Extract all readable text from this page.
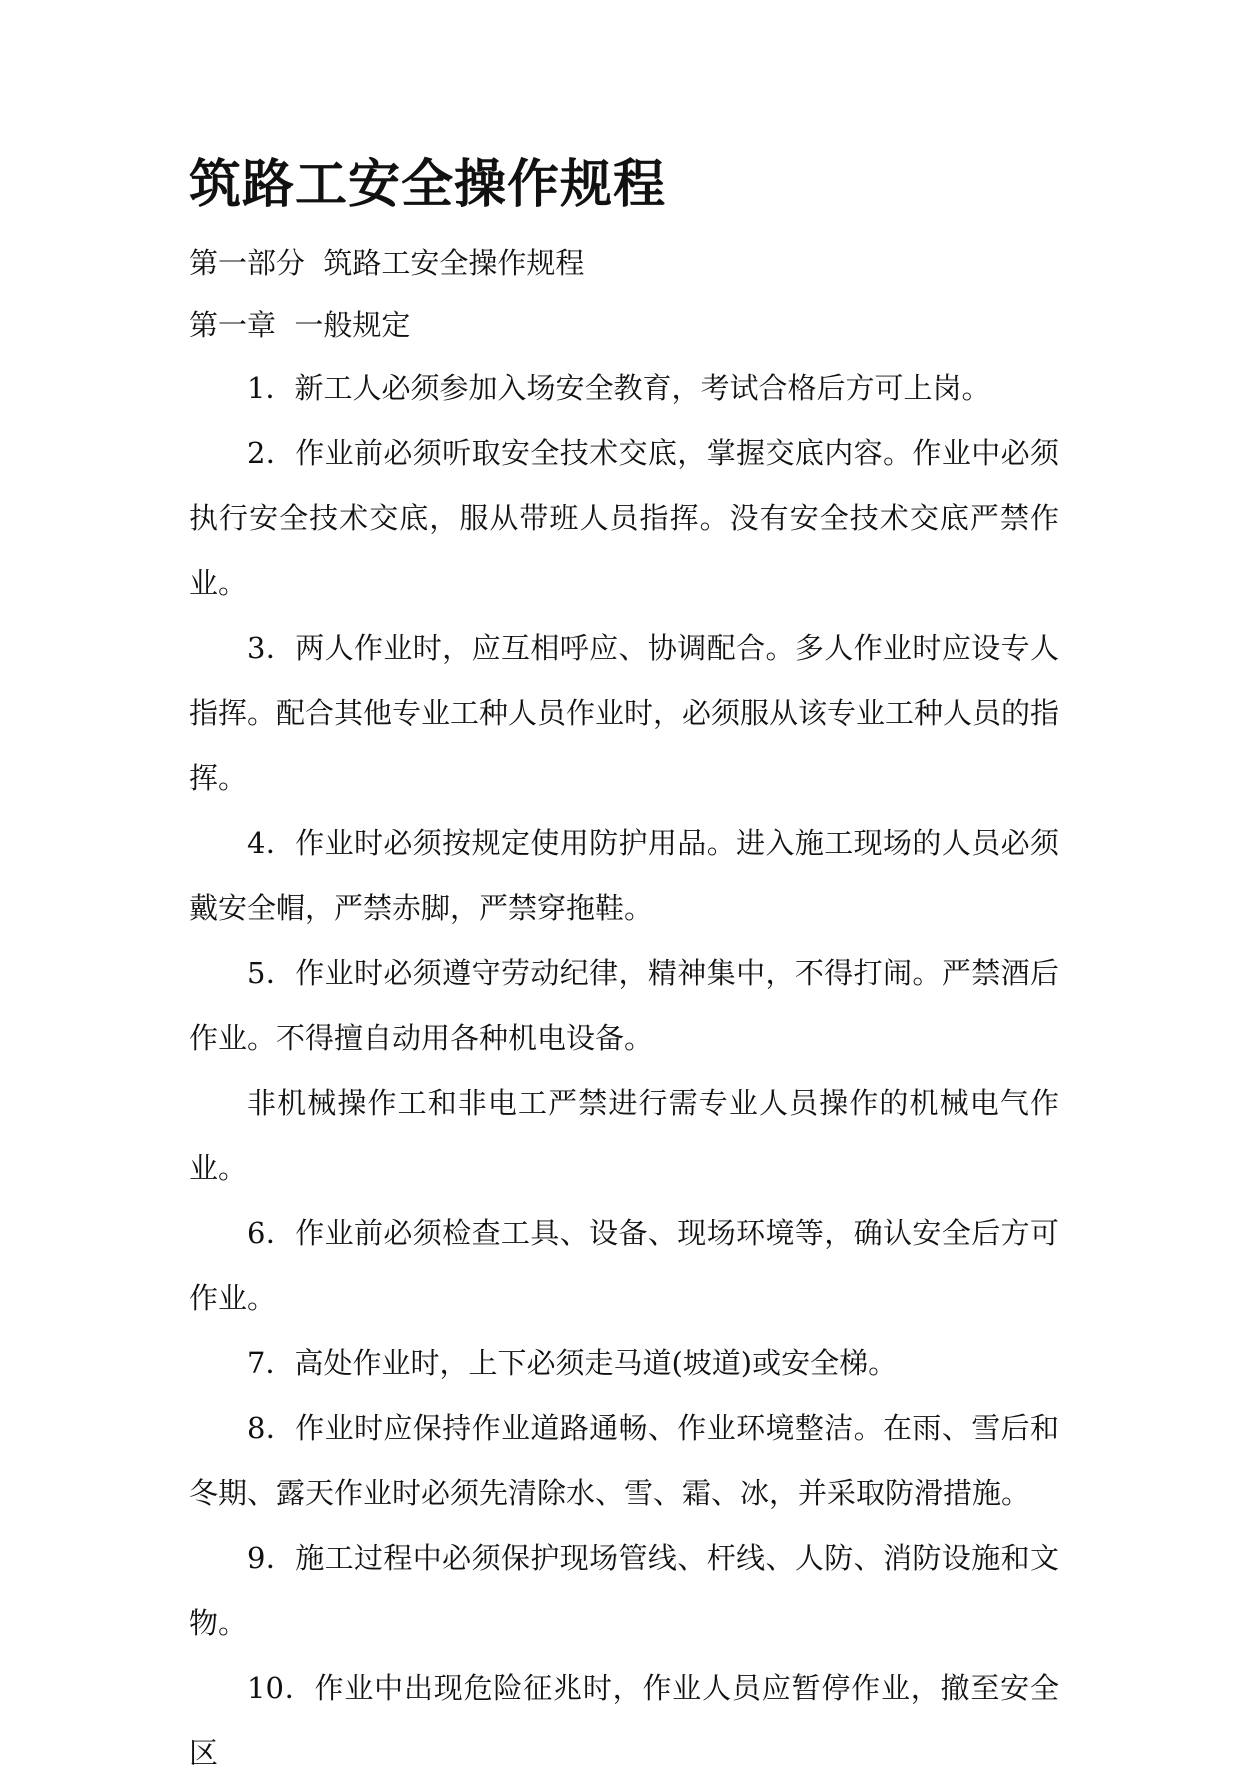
筑路工安全操作规程

第一部分  筑路工安全操作规程

第一章  一般规定

1．新工人必须参加入场安全教育，考试合格后方可上岗。

2．作业前必须听取安全技术交底，掌握交底内容。作业中必须执行安全技术交底，服从带班人员指挥。没有安全技术交底严禁作业。

3．两人作业时，应互相呼应、协调配合。多人作业时应设专人指挥。配合其他专业工种人员作业时，必须服从该专业工种人员的指挥。

4．作业时必须按规定使用防护用品。进入施工现场的人员必须戴安全帽，严禁赤脚，严禁穿拖鞋。

5．作业时必须遵守劳动纪律，精神集中，不得打闹。严禁酒后作业。不得擅自动用各种机电设备。

非机械操作工和非电工严禁进行需专业人员操作的机械电气作业。

6．作业前必须检查工具、设备、现场环境等，确认安全后方可作业。

7．高处作业时，上下必须走马道(坡道)或安全梯。

8．作业时应保持作业道路通畅、作业环境整洁。在雨、雪后和冬期、露天作业时必须先清除水、雪、霜、冰，并采取防滑措施。

9．施工过程中必须保护现场管线、杆线、人防、消防设施和文物。

10．作业中出现危险征兆时，作业人员应暂停作业，撤至安全区
